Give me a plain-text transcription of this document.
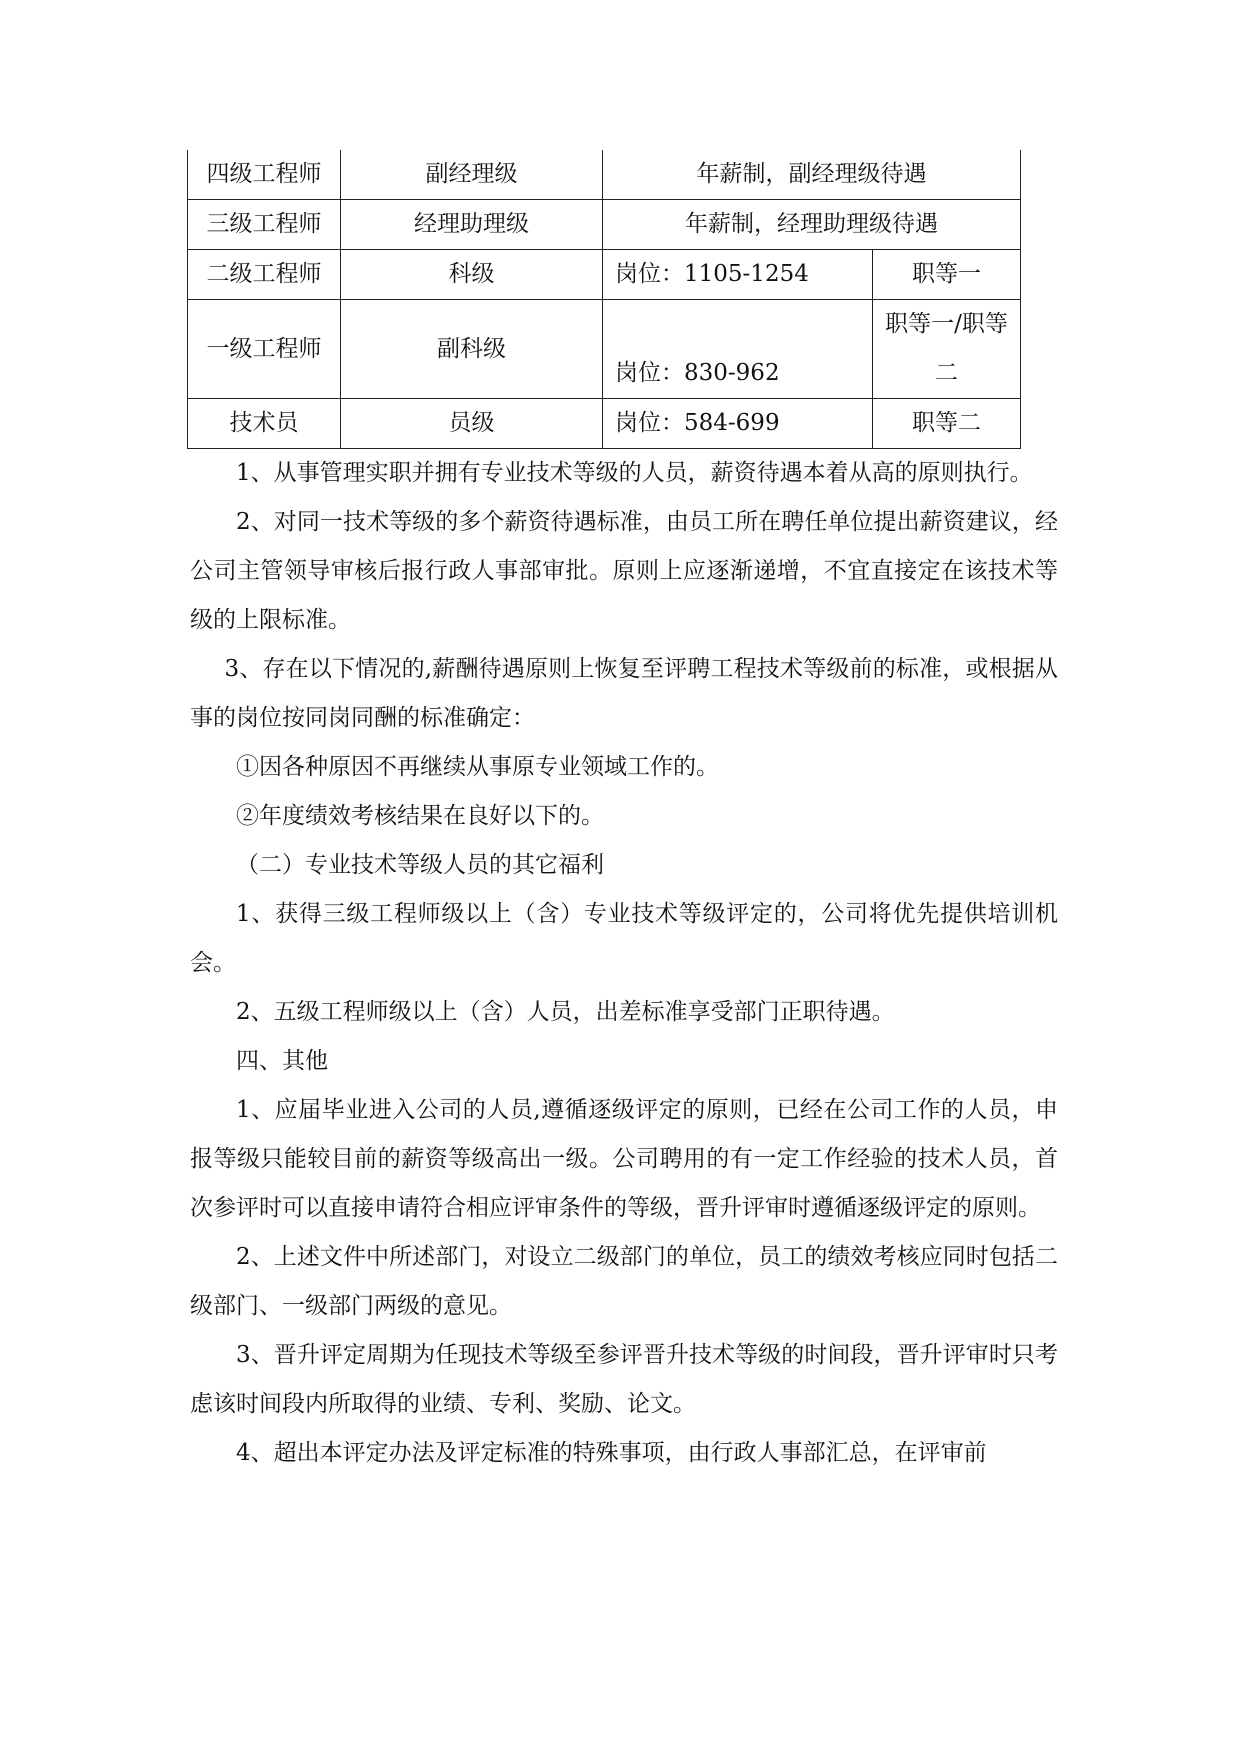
四级工程师	副经理级	年薪制，副经理级待遇	
三级工程师	经理助理级	年薪制，经理助理级待遇	
二级工程师	科级	岗位：1105-1254	职等一
一级工程师	副科级	岗位：830-962	职等一/职等二
技术员	员级	岗位：584-699	职等二

1、从事管理实职并拥有专业技术等级的人员，薪资待遇本着从高的原则执行。

2、对同一技术等级的多个薪资待遇标准，由员工所在聘任单位提出薪资建议，经公司主管领导审核后报行政人事部审批。原则上应逐渐递增，不宜直接定在该技术等级的上限标准。

3、存在以下情况的,薪酬待遇原则上恢复至评聘工程技术等级前的标准，或根据从事的岗位按同岗同酬的标准确定：

①因各种原因不再继续从事原专业领域工作的。

②年度绩效考核结果在良好以下的。

（二）专业技术等级人员的其它福利

1、获得三级工程师级以上（含）专业技术等级评定的，公司将优先提供培训机会。

2、五级工程师级以上（含）人员，出差标准享受部门正职待遇。

四、其他

1、应届毕业进入公司的人员,遵循逐级评定的原则，已经在公司工作的人员，申报等级只能较目前的薪资等级高出一级。公司聘用的有一定工作经验的技术人员，首次参评时可以直接申请符合相应评审条件的等级，晋升评审时遵循逐级评定的原则。

2、上述文件中所述部门，对设立二级部门的单位，员工的绩效考核应同时包括二级部门、一级部门两级的意见。

3、晋升评定周期为任现技术等级至参评晋升技术等级的时间段，晋升评审时只考虑该时间段内所取得的业绩、专利、奖励、论文。

4、超出本评定办法及评定标准的特殊事项，由行政人事部汇总，在评审前
